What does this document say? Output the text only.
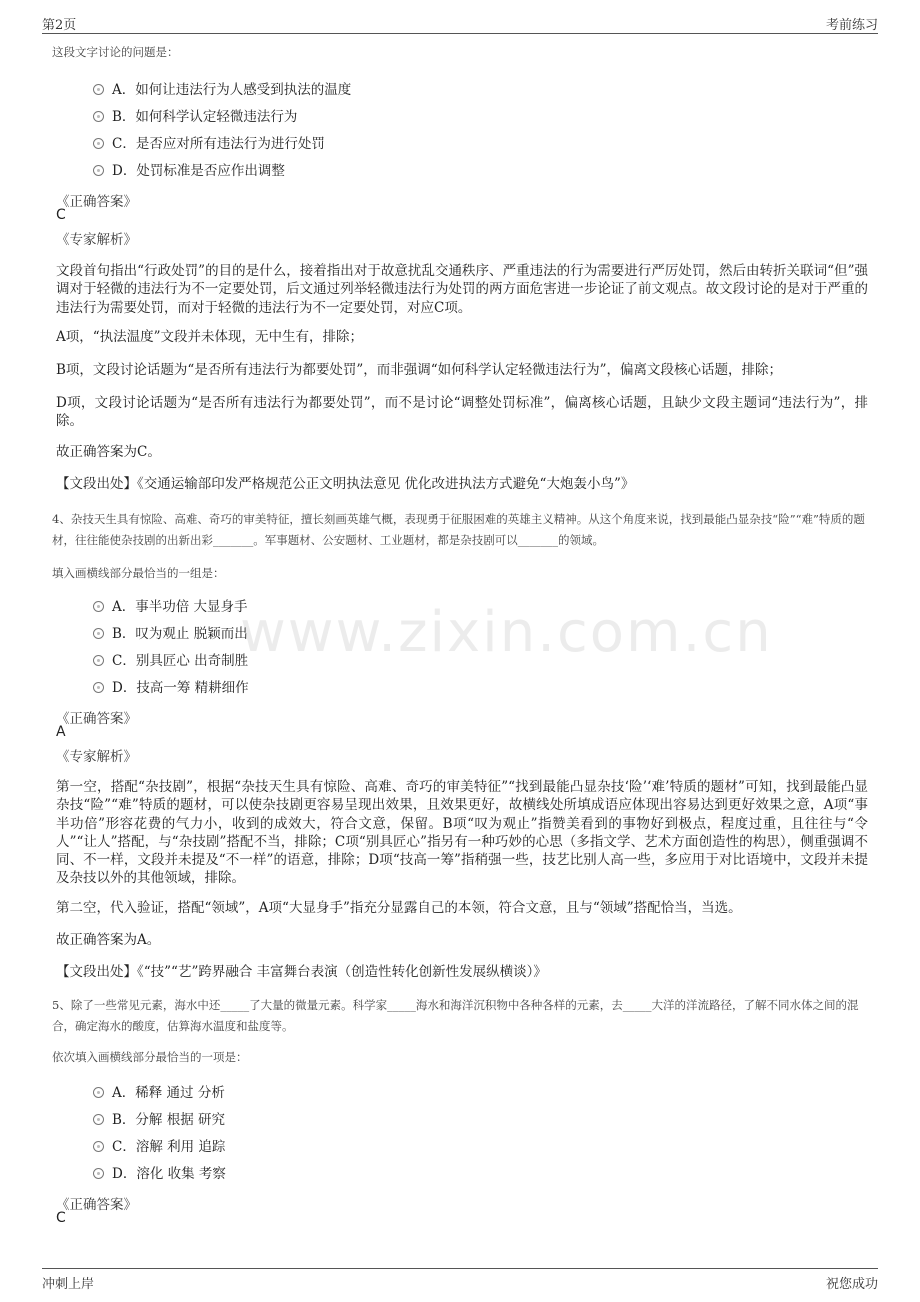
第2页	考前练习
www.zixin.com.cn
这段文字讨论的问题是：
A．如何让违法行为人感受到执法的温度
B．如何科学认定轻微违法行为
C．是否应对所有违法行为进行处罚
D．处罚标准是否应作出调整
《正确答案》
C
《专家解析》
文段首句指出“行政处罚”的目的是什么，接着指出对于故意扰乱交通秩序、严重违法的行为需要进行严厉处罚，然后由转折关联词“但”强调对于轻微的违法行为不一定要处罚，后文通过列举轻微违法行为处罚的两方面危害进一步论证了前文观点。故文段讨论的是对于严重的违法行为需要处罚，而对于轻微的违法行为不一定要处罚，对应C项。
A项，“执法温度”文段并未体现，无中生有，排除；
B项，文段讨论话题为“是否所有违法行为都要处罚”，而非强调“如何科学认定轻微违法行为”，偏离文段核心话题，排除；
D项，文段讨论话题为“是否所有违法行为都要处罚”，而不是讨论“调整处罚标准”，偏离核心话题，且缺少文段主题词“违法行为”，排除。
故正确答案为C。
【文段出处】《交通运输部印发严格规范公正文明执法意见 优化改进执法方式避免“大炮轰小鸟”》
4、杂技天生具有惊险、高难、奇巧的审美特征，擅长刻画英雄气概，表现勇于征服困难的英雄主义精神。从这个角度来说，找到最能凸显杂技“险”“难”特质的题材，往往能使杂技剧的出新出彩_______。军事题材、公安题材、工业题材，都是杂技剧可以_______的领域。
填入画横线部分最恰当的一组是：
A．事半功倍 大显身手
B．叹为观止 脱颖而出
C．别具匠心 出奇制胜
D．技高一筹 精耕细作
《正确答案》
A
《专家解析》
第一空，搭配“杂技剧”，根据“杂技天生具有惊险、高难、奇巧的审美特征”“找到最能凸显杂技‘险’‘难’特质的题材”可知，找到最能凸显杂技“险”“难”特质的题材，可以使杂技剧更容易呈现出效果，且效果更好，故横线处所填成语应体现出容易达到更好效果之意，A项“事半功倍”形容花费的气力小，收到的成效大，符合文意，保留。B项“叹为观止”指赞美看到的事物好到极点，程度过重，且往往与“令人”“让人”搭配，与“杂技剧”搭配不当，排除；C项“别具匠心”指另有一种巧妙的心思（多指文学、艺术方面创造性的构思），侧重强调不同、不一样，文段并未提及“不一样”的语意，排除；D项“技高一筹”指稍强一些，技艺比别人高一些，多应用于对比语境中，文段并未提及杂技以外的其他领域，排除。
第二空，代入验证，搭配“领域”，A项“大显身手”指充分显露自己的本领，符合文意，且与“领域”搭配恰当，当选。
故正确答案为A。
【文段出处】《“技”“艺”跨界融合 丰富舞台表演（创造性转化创新性发展纵横谈）》
5、除了一些常见元素，海水中还_____了大量的微量元素。科学家_____海水和海洋沉积物中各种各样的元素，去_____大洋的洋流路径，了解不同水体之间的混合，确定海水的酸度，估算海水温度和盐度等。
依次填入画横线部分最恰当的一项是：
A．稀释 通过 分析
B．分解 根据 研究
C．溶解 利用 追踪
D．溶化 收集 考察
《正确答案》
C
冲刺上岸	祝您成功
